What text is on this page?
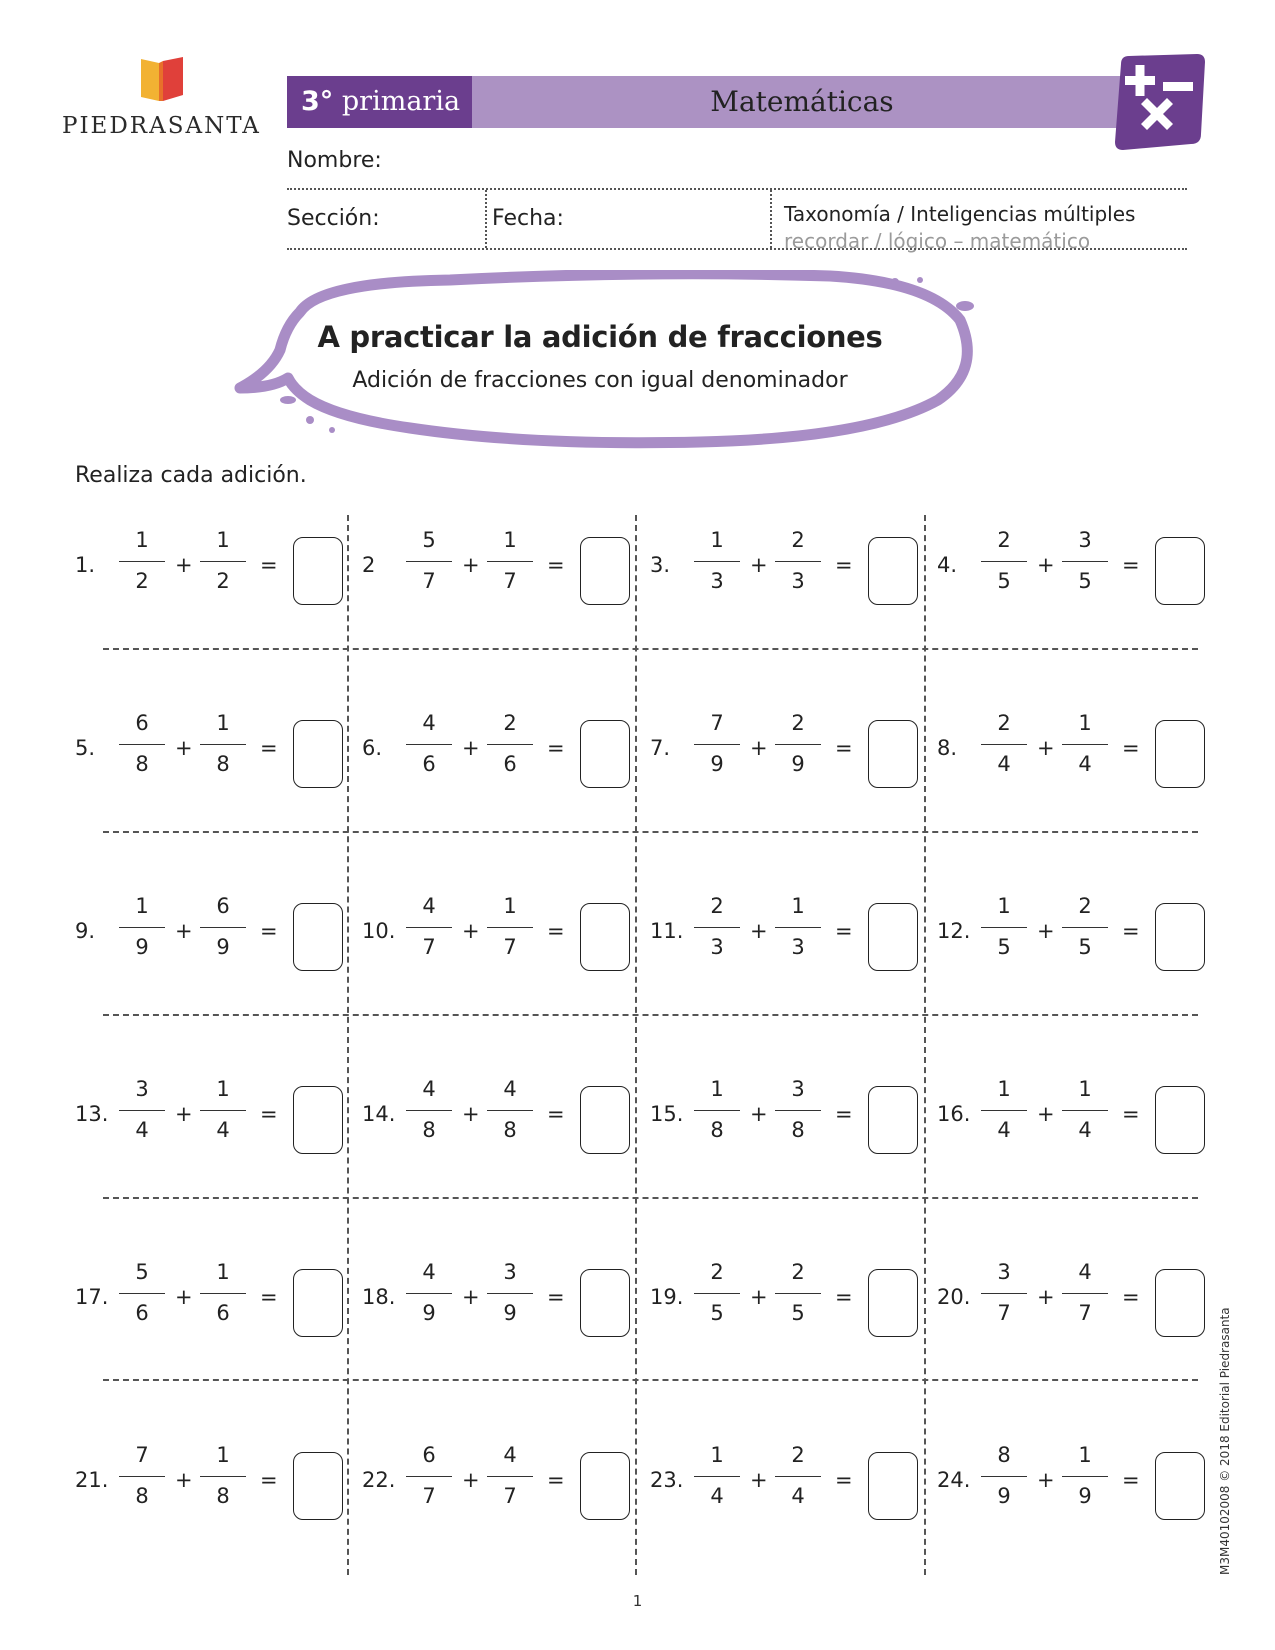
PIEDRASANTA
3° primaria	Matemáticas
Nombre:
Sección:	Fecha:	Taxonomía / Inteligencias múltiples
recordar / lógico – matemático
A practicar la adición de fracciones
Adición de fracciones con igual denominador
Realiza cada adición.
1.
1
2
+
1
2
=	2
5
7
+
1
7
=	3.
1
3
+
2
3
=	4.
2
5
+
3
5
=
5.
6
8
+
1
8
=	6.
4
6
+
2
6
=	7.
7
9
+
2
9
=	8.
2
4
+
1
4
=
9.
1
9
+
6
9
=	10.
4
7
+
1
7
=	11.
2
3
+
1
3
=	12.
1
5
+
2
5
=
13.
3
4
+
1
4
=	14.
4
8
+
4
8
=	15.
1
8
+
3
8
=	16.
1
4
+
1
4
=
17.
5
6
+
1
6
=	18.
4
9
+
3
9
=	19.
2
5
+
2
5
=	20.
3
7
+
4
7
=
21.
7
8
+
1
8
=	22.
6
7
+
4
7
=	23.
1
4
+
2
4
=	24.
8
9
+
1
9
=	M3M40102008 © 2018 Editorial Piedrasanta
1
